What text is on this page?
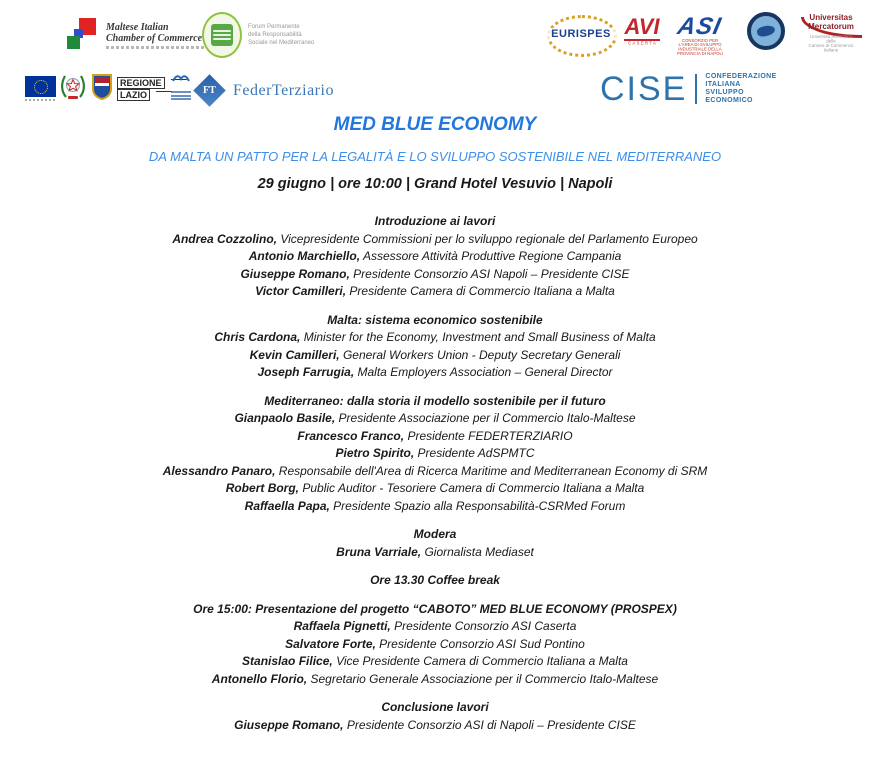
Maltese Italian
Chamber of Commerce
Forum Permanente
della Responsabilità
Sociale nel Mediterraneo
EURISPES AVI
CASERTA
ASI
CONSORZIO PER L'AREA DI SVILUPPO
INDUSTRIALE DELLA PROVINCIA DI NAPOLI
Universitas
Mercatorum
Università telematica delle
Camere di Commercio Italiane
REGIONE
LAZIO	FT FederTerziario	CISE	CONFEDERAZIONE
ITALIANA
SVILUPPO
ECONOMICO
MED BLUE ECONOMY
DA MALTA UN PATTO PER LA LEGALITÀ E LO SVILUPPO SOSTENIBILE NEL MEDITERRANEO
29 giugno | ore 10:00 | Grand Hotel Vesuvio | Napoli
Introduzione ai lavori
Andrea Cozzolino, Vicepresidente Commissioni per lo sviluppo regionale del Parlamento Europeo
Antonio Marchiello, Assessore Attività Produttive Regione Campania
Giuseppe Romano, Presidente Consorzio ASI Napoli – Presidente CISE
Victor Camilleri, Presidente Camera di Commercio Italiana a Malta
Malta: sistema economico sostenibile
Chris Cardona, Minister for the Economy, Investment and Small Business of Malta
Kevin Camilleri, General Workers Union - Deputy Secretary Generali
Joseph Farrugia, Malta Employers Association – General Director
Mediterraneo: dalla storia il modello sostenibile per il futuro
Gianpaolo Basile, Presidente Associazione per il Commercio Italo-Maltese
Francesco Franco, Presidente FEDERTERZIARIO
Pietro Spirito, Presidente AdSPMTC
Alessandro Panaro, Responsabile dell'Area di Ricerca Maritime and Mediterranean Economy di SRM
Robert Borg, Public Auditor - Tesoriere Camera di Commercio Italiana a Malta
Raffaella Papa, Presidente Spazio alla Responsabilità-CSRMed Forum
Modera
Bruna Varriale, Giornalista Mediaset
Ore 13.30 Coffee break
Ore 15:00: Presentazione del progetto “CABOTO” MED BLUE ECONOMY (PROSPEX)
Raffaela Pignetti, Presidente Consorzio ASI Caserta
Salvatore Forte, Presidente Consorzio ASI Sud Pontino
Stanislao Filice, Vice Presidente Camera di Commercio Italiana a Malta
Antonello Florio, Segretario Generale Associazione per il Commercio Italo-Maltese
Conclusione lavori
Giuseppe Romano, Presidente Consorzio ASI di Napoli – Presidente CISE
